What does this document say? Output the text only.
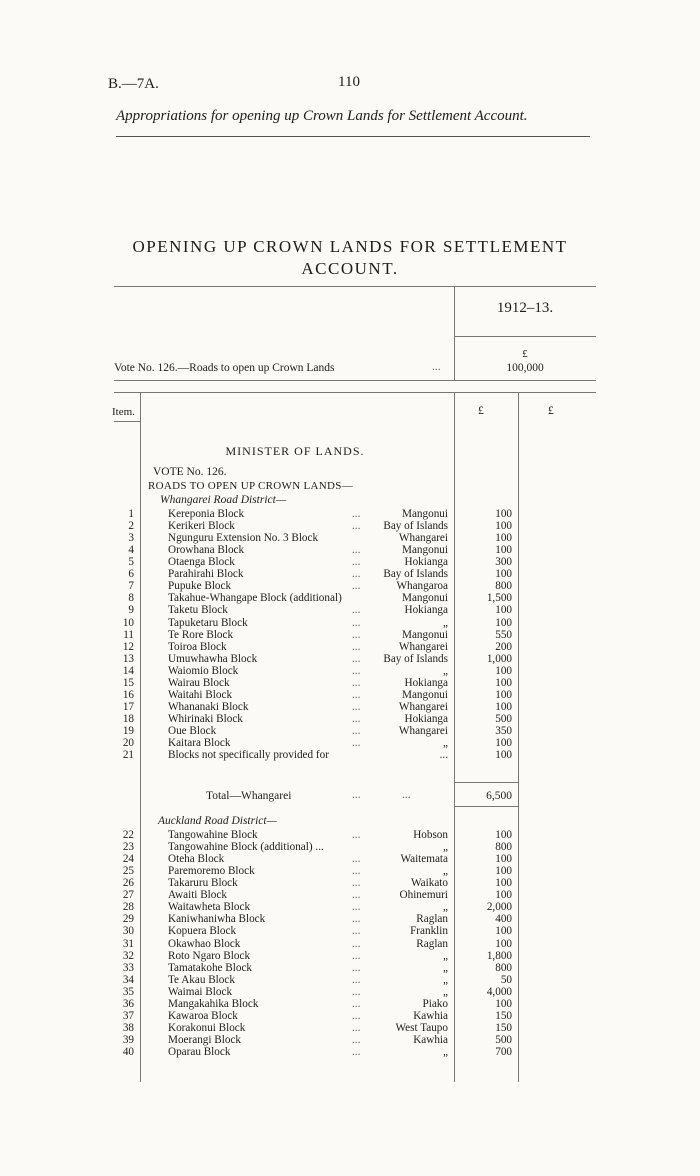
B.—7A.	110
Appropriations for opening up Crown Lands for Settlement Account.
OPENING UP CROWN LANDS FOR SETTLEMENT
ACCOUNT.
1912–13.
£
Vote No. 126.—Roads to open up Crown Lands	...	100,000
Item.	£	£
MINISTER OF LANDS.
VOTE No. 126.
ROADS TO OPEN UP CROWN LANDS—
Whangarei Road District—
Auckland Road District—
Total—Whangarei	...	...	6,500
1	Kereponia Block	...	Mangonui	100
2	Kerikeri Block	...	Bay of Islands	100
3	Ngunguru Extension No. 3 Block	Whangarei	100
4	Orowhana Block	...	Mangonui	100
5	Otaenga Block	...	Hokianga	300
6	Parahirahi Block	...	Bay of Islands	100
7	Pupuke Block	...	Whangaroa	800
8	Takahue-Whangape Block (additional)	Mangonui	1,500
9	Taketu Block	...	Hokianga	100
10	Tapuketaru Block	...	„	100
11	Te Rore Block	...	Mangonui	550
12	Toiroa Block	...	Whangarei	200
13	Umuwhawha Block	...	Bay of Islands	1,000
14	Waiomio Block	...	„	100
15	Wairau Block	...	Hokianga	100
16	Waitahi Block	...	Mangonui	100
17	Whananaki Block	...	Whangarei	100
18	Whirinaki Block	...	Hokianga	500
19	Oue Block	...	Whangarei	350
20	Kaitara Block	...	„	100
21	Blocks not specifically provided for	...	100
22	Tangowahine Block	...	Hobson	100
23	Tangowahine Block (additional) ...	„	800
24	Oteha Block	...	Waitemata	100
25	Paremoremo Block	...	„	100
26	Takaruru Block	...	Waikato	100
27	Awaiti Block	...	Ohinemuri	100
28	Waitawheta Block	...	„	2,000
29	Kaniwhaniwha Block	...	Raglan	400
30	Kopuera Block	...	Franklin	100
31	Okawhao Block	...	Raglan	100
32	Roto Ngaro Block	...	„	1,800
33	Tamatakohe Block	...	„	800
34	Te Akau Block	...	„	50
35	Waimai Block	...	„	4,000
36	Mangakahika Block	...	Piako	100
37	Kawaroa Block	...	Kawhia	150
38	Korakonui Block	...	West Taupo	150
39	Moerangi Block	...	Kawhia	500
40	Oparau Block	...	„	700
